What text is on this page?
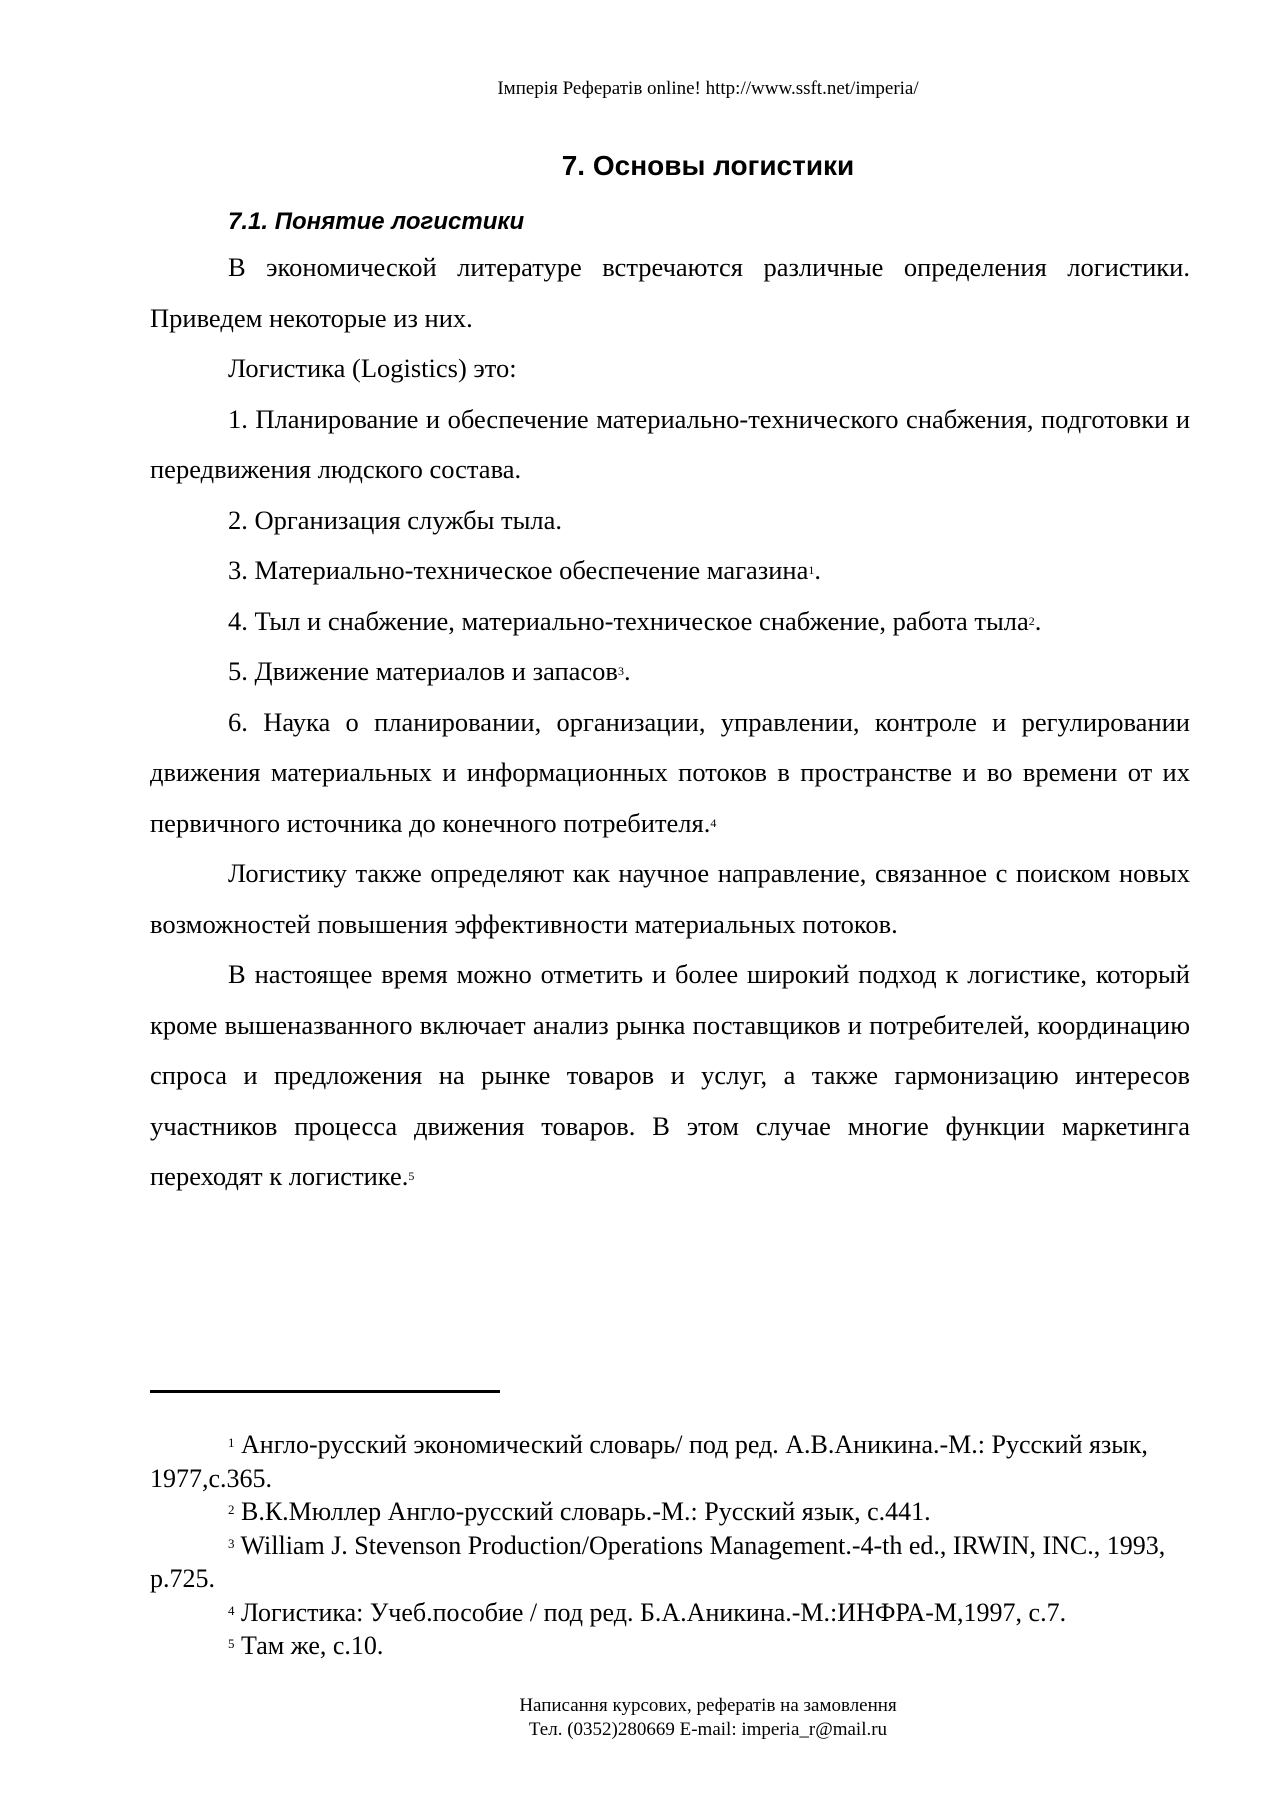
Імперія Рефератів online! http://www.ssft.net/imperia/
7. Основы логистики
7.1. Понятие логистики

В экономической литературе встречаются различные определения логистики. Приведем некоторые из них.

Логистика (Logistics) это:

1. Планирование и обеспечение материально-технического снабжения, подготовки и передвижения людского состава.

2. Организация службы тыла.

3. Материально-техническое обеспечение магазина$^1$.

4. Тыл и снабжение, материально-техническое снабжение, работа тыла$^2$.

5. Движение материалов и запасов$^3$.

6. Наука о планировании, организации, управлении, контроле и регулировании движения материальных и информационных потоков в пространстве и во времени от их первичного источника до конечного потребителя.$^4$

Логистику также определяют как научное направление, связанное с поиском новых возможностей повышения эффективности материальных потоков.

В настоящее время можно отметить и более широкий подход к логистике, который кроме вышеназванного включает анализ рынка поставщиков и потребителей, координацию спроса и предложения на рынке товаров и услуг, а также гармонизацию интересов участников процесса движения товаров. В этом случае многие функции маркетинга переходят к логистике.$^5$

$^1$ Англо-русский экономический словарь/ под ред. А.В.Аникина.-М.: Русский язык, 1977,с.365.

$^2$ В.К.Мюллер Англо-русский словарь.-М.: Русский язык, с.441.

$^3$ William J. Stevenson Production/Operations Management.-4-th ed., IRWIN, INC., 1993, p.725.

$^4$ Логистика: Учеб.пособие / под ред. Б.А.Аникина.-М.:ИНФРА-М,1997, с.7.

$^5$ Там же, с.10.

Написання курсових, рефератів на замовлення
Тел. (0352)280669 E-mail: imperia_r@mail.ru
